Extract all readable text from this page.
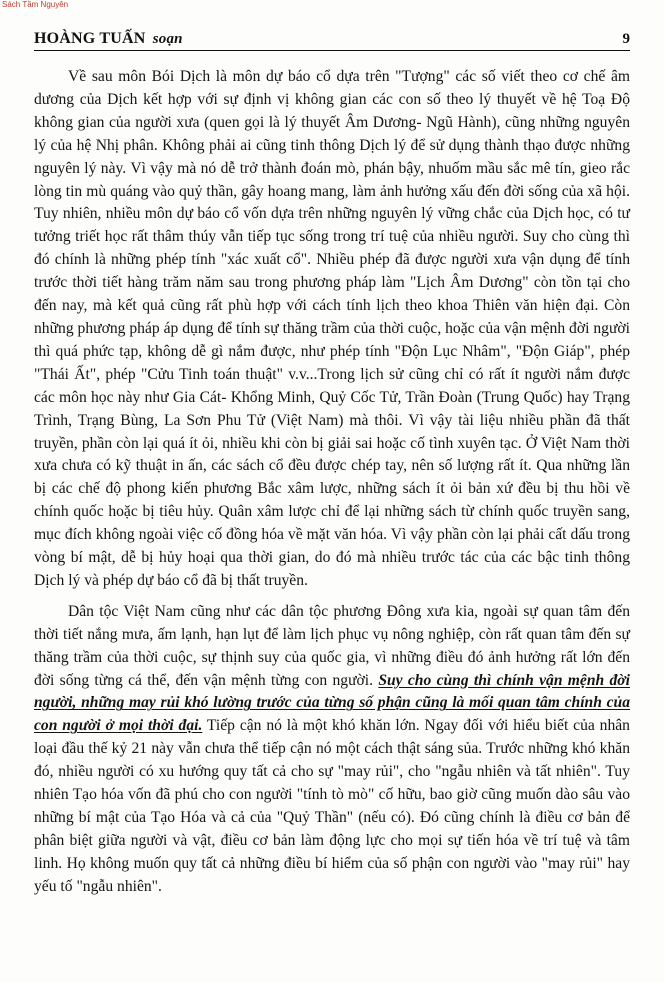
Sách Tầm Nguyên
HOÀNG TUẤN soạn	9

Về sau môn Bói Dịch là môn dự báo cổ dựa trên "Tượng" các số viết theo cơ chế âm dương của Dịch kết hợp với sự định vị không gian các con số theo lý thuyết về hệ Toạ Độ không gian của người xưa (quen gọi là lý thuyết Âm Dương- Ngũ Hành), cũng những nguyên lý của hệ Nhị phân. Không phải ai cũng tinh thông Dịch lý để sử dụng thành thạo được những nguyên lý này. Vì vậy mà nó dễ trở thành đoán mò, phán bậy, nhuốm mầu sắc mê tín, gieo rắc lòng tin mù quáng vào quỷ thần, gây hoang mang, làm ảnh hưởng xấu đến đời sống của xã hội. Tuy nhiên, nhiều môn dự báo cổ vốn dựa trên những nguyên lý vững chắc của Dịch học, có tư tưởng triết học rất thâm thúy vẫn tiếp tục sống trong trí tuệ của nhiều người. Suy cho cùng thì đó chính là những phép tính "xác xuất cổ". Nhiều phép đã được người xưa vận dụng để tính trước thời tiết hàng trăm năm sau trong phương pháp làm "Lịch Âm Dương" còn tồn tại cho đến nay, mà kết quả cũng rất phù hợp với cách tính lịch theo khoa Thiên văn hiện đại. Còn những phương pháp áp dụng để tính sự thăng trầm của thời cuộc, hoặc của vận mệnh đời người thì quá phức tạp, không dễ gì nắm được, như phép tính "Độn Lục Nhâm", "Độn Giáp", phép "Thái Ất", phép "Cửu Tinh toán thuật" v.v...Trong lịch sử cũng chỉ có rất ít người nắm được các môn học này như Gia Cát- Khổng Minh, Quỷ Cốc Tử, Trần Đoàn (Trung Quốc) hay Trạng Trình, Trạng Bùng, La Sơn Phu Tử (Việt Nam) mà thôi. Vì vậy tài liệu nhiều phần đã thất truyền, phần còn lại quá ít ỏi, nhiều khi còn bị giải sai hoặc cố tình xuyên tạc. Ở Việt Nam thời xưa chưa có kỹ thuật in ấn, các sách cổ đều được chép tay, nên số lượng rất ít. Qua những lần bị các chế độ phong kiến phương Bắc xâm lược, những sách ít ỏi bản xứ đều bị thu hồi về chính quốc hoặc bị tiêu hủy. Quân xâm lược chỉ để lại những sách từ chính quốc truyền sang, mục đích không ngoài việc cố đồng hóa về mặt văn hóa. Vì vậy phần còn lại phải cất dấu trong vòng bí mật, dễ bị hủy hoại qua thời gian, do đó mà nhiều trước tác của các bậc tinh thông Dịch lý và phép dự báo cổ đã bị thất truyền.

Dân tộc Việt Nam cũng như các dân tộc phương Đông xưa kia, ngoài sự quan tâm đến thời tiết nắng mưa, ấm lạnh, hạn lụt để làm lịch phục vụ nông nghiệp, còn rất quan tâm đến sự thăng trầm của thời cuộc, sự thịnh suy của quốc gia, vì những điều đó ảnh hưởng rất lớn đến đời sống từng cá thể, đến vận mệnh từng con người. Suy cho cùng thì chính vận mệnh đời người, những may rủi khó lường trước của từng số phận cũng là mối quan tâm chính của con người ở mọi thời đại. Tiếp cận nó là một khó khăn lớn. Ngay đối với hiểu biết của nhân loại đầu thế kỷ 21 này vẫn chưa thể tiếp cận nó một cách thật sáng sủa. Trước những khó khăn đó, nhiều người có xu hướng quy tất cả cho sự "may rủi", cho "ngẫu nhiên và tất nhiên". Tuy nhiên Tạo hóa vốn đã phú cho con người "tính tò mò" cố hữu, bao giờ cũng muốn dào sâu vào những bí mật của Tạo Hóa và cả của "Quỷ Thần" (nếu có). Đó cũng chính là điều cơ bản để phân biệt giữa người và vật, điều cơ bản làm động lực cho mọi sự tiến hóa về trí tuệ và tâm linh. Họ không muốn quy tất cả những điều bí hiểm của số phận con người vào "may rủi" hay yếu tố "ngẫu nhiên".
